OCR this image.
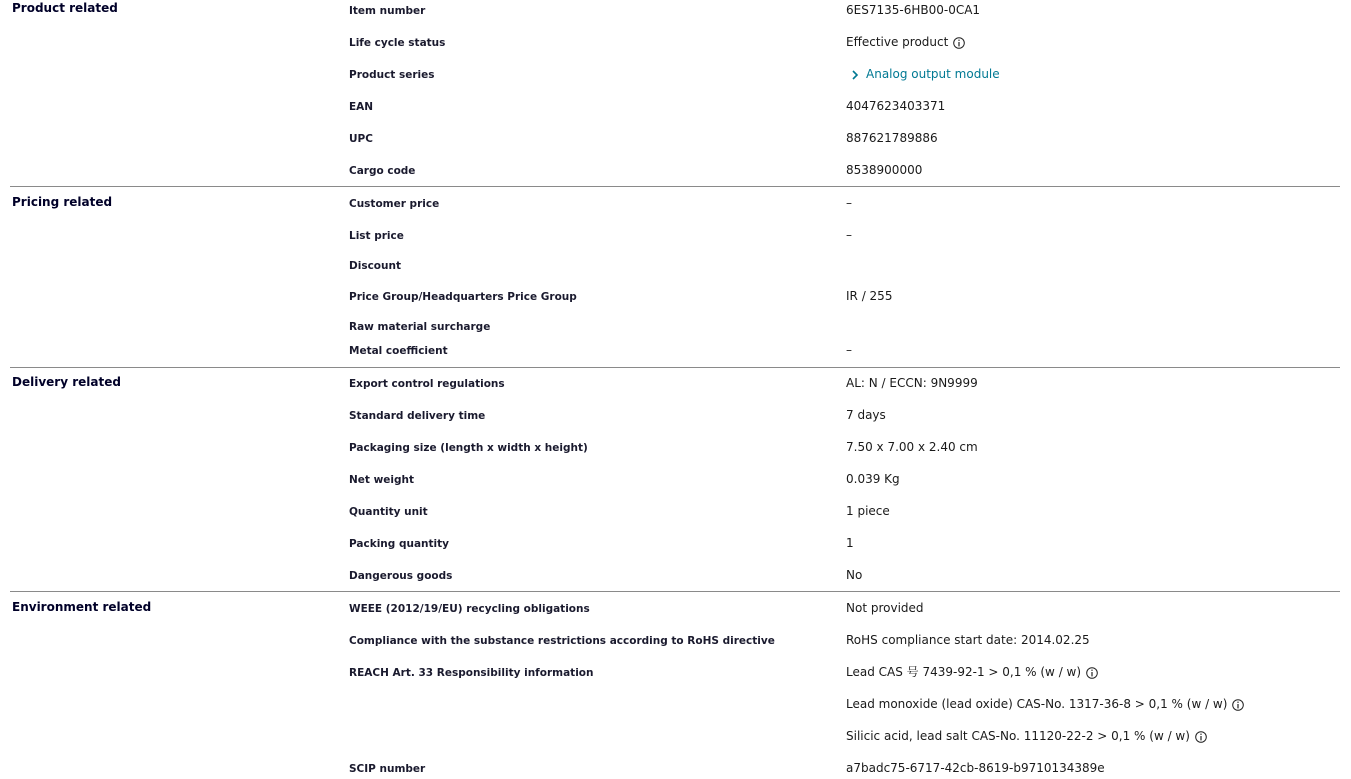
Product related	Item number	6ES7135-6HB00-0CA1
Life cycle status	Effective product
Product series	Analog output module
EAN	4047623403371
UPC	887621789886
Cargo code	8538900000
Pricing related	Customer price	–
List price	–
Discount
Price Group/Headquarters Price Group	IR / 255
Raw material surcharge
Metal coefficient	–
Delivery related	Export control regulations	AL: N / ECCN: 9N9999
Standard delivery time	7 days
Packaging size (length x width x height)	7.50 x 7.00 x 2.40 cm
Net weight	0.039 Kg
Quantity unit	1 piece
Packing quantity	1
Dangerous goods	No
Environment related	WEEE (2012/19/EU) recycling obligations	Not provided
Compliance with the substance restrictions according to RoHS directive	RoHS compliance start date: 2014.02.25
REACH Art. 33 Responsibility information	Lead CAS 号 7439-92-1 > 0,1 % (w / w)
Lead monoxide (lead oxide) CAS-No. 1317-36-8 > 0,1 % (w / w)
Silicic acid, lead salt CAS-No. 11120-22-2 > 0,1 % (w / w)
SCIP number	a7badc75-6717-42cb-8619-b9710134389e
